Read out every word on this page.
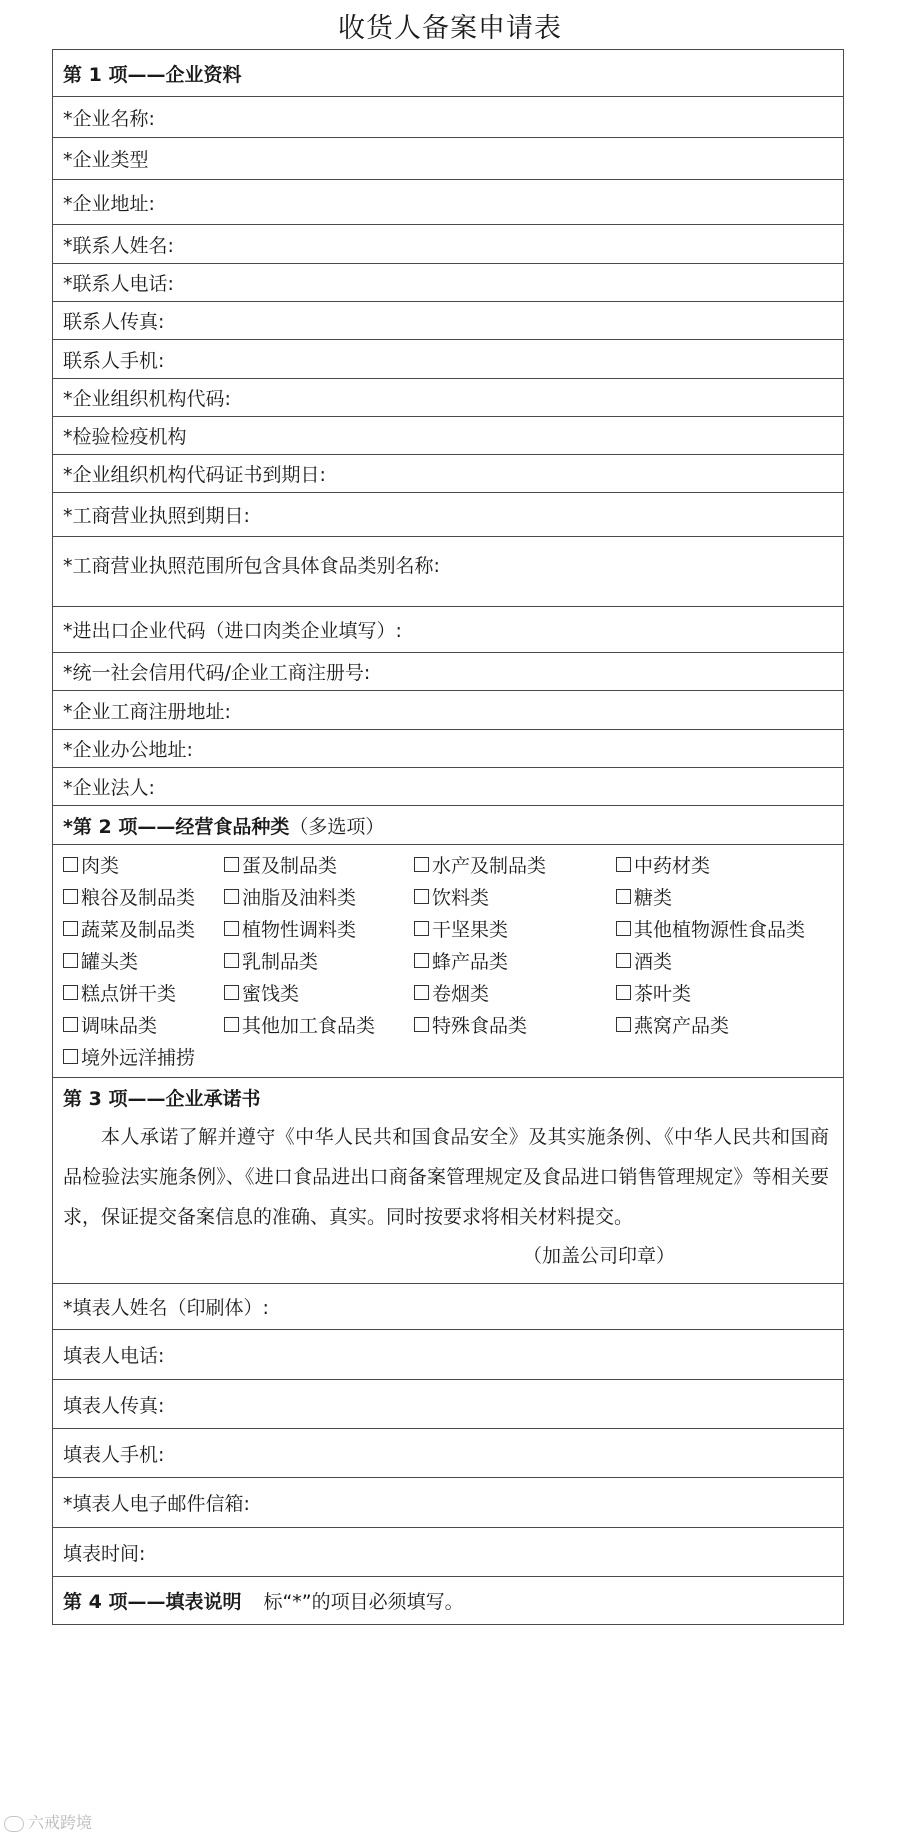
收货人备案申请表
第 1 项——企业资料
*企业名称:
*企业类型
*企业地址:
*联系人姓名:
*联系人电话:
联系人传真:
联系人手机:
*企业组织机构代码:
*检验检疫机构
*企业组织机构代码证书到期日:
*工商营业执照到期日:
*工商营业执照范围所包含具体食品类别名称:
*进出口企业代码（进口肉类企业填写）:
*统一社会信用代码/企业工商注册号:
*企业工商注册地址:
*企业办公地址:
*企业法人:
*第 2 项——经营食品种类 （多选项）
肉类	蛋及制品类	水产及制品类	中药材类
粮谷及制品类 油脂及油料类	饮料类	糖类
蔬菜及制品类 植物性调料类	干坚果类	其他植物源性食品类
罐头类	乳制品类	蜂产品类	酒类
糕点饼干类	蜜饯类	卷烟类	茶叶类
调味品类	其他加工食品类	特殊食品类	燕窝产品类
境外远洋捕捞
第 3 项——企业承诺书
本人承诺了解并遵守《中华人民共和国食品安全》及其实施条例、《中华人民共和国商品检验法实施条例》、《进口食品进出口商备案管理规定及食品进口销售管理规定》等相关要求，保证提交备案信息的准确、真实。同时按要求将相关材料提交。
（加盖公司印章）
*填表人姓名（印刷体）:
填表人电话:
填表人传真:
填表人手机:
*填表人电子邮件信箱:
填表时间:
第 4 项——填表说明 标“*”的项目必须填写。
六戒跨境
